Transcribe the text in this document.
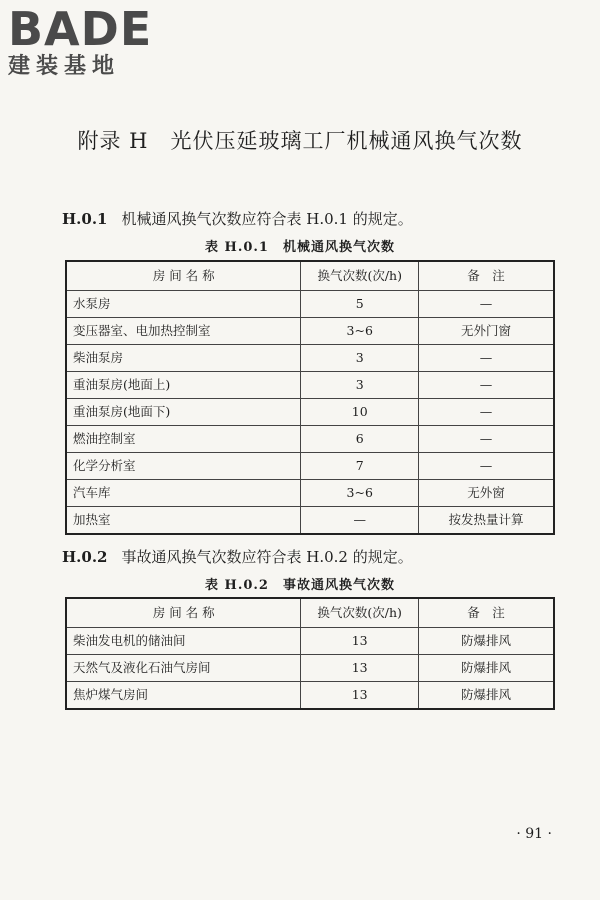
BADE
建装基地
附录 H　光伏压延玻璃工厂机械通风换气次数
H.0.1 机械通风换气次数应符合表 H.0.1 的规定。
表 H.0.1　机械通风换气次数
房 间 名 称	换气次数(次/h)	备　注
水泵房	5	—
变压器室、电加热控制室	3~6	无外门窗
柴油泵房	3	—
重油泵房(地面上)	3	—
重油泵房(地面下)	10	—
燃油控制室	6	—
化学分析室	7	—
汽车库	3~6	无外窗
加热室	—	按发热量计算
H.0.2 事故通风换气次数应符合表 H.0.2 的规定。
表 H.0.2　事故通风换气次数
房 间 名 称	换气次数(次/h)	备　注
柴油发电机的储油间	13	防爆排风
天然气及液化石油气房间	13	防爆排风
焦炉煤气房间	13	防爆排风
· 91 ·
